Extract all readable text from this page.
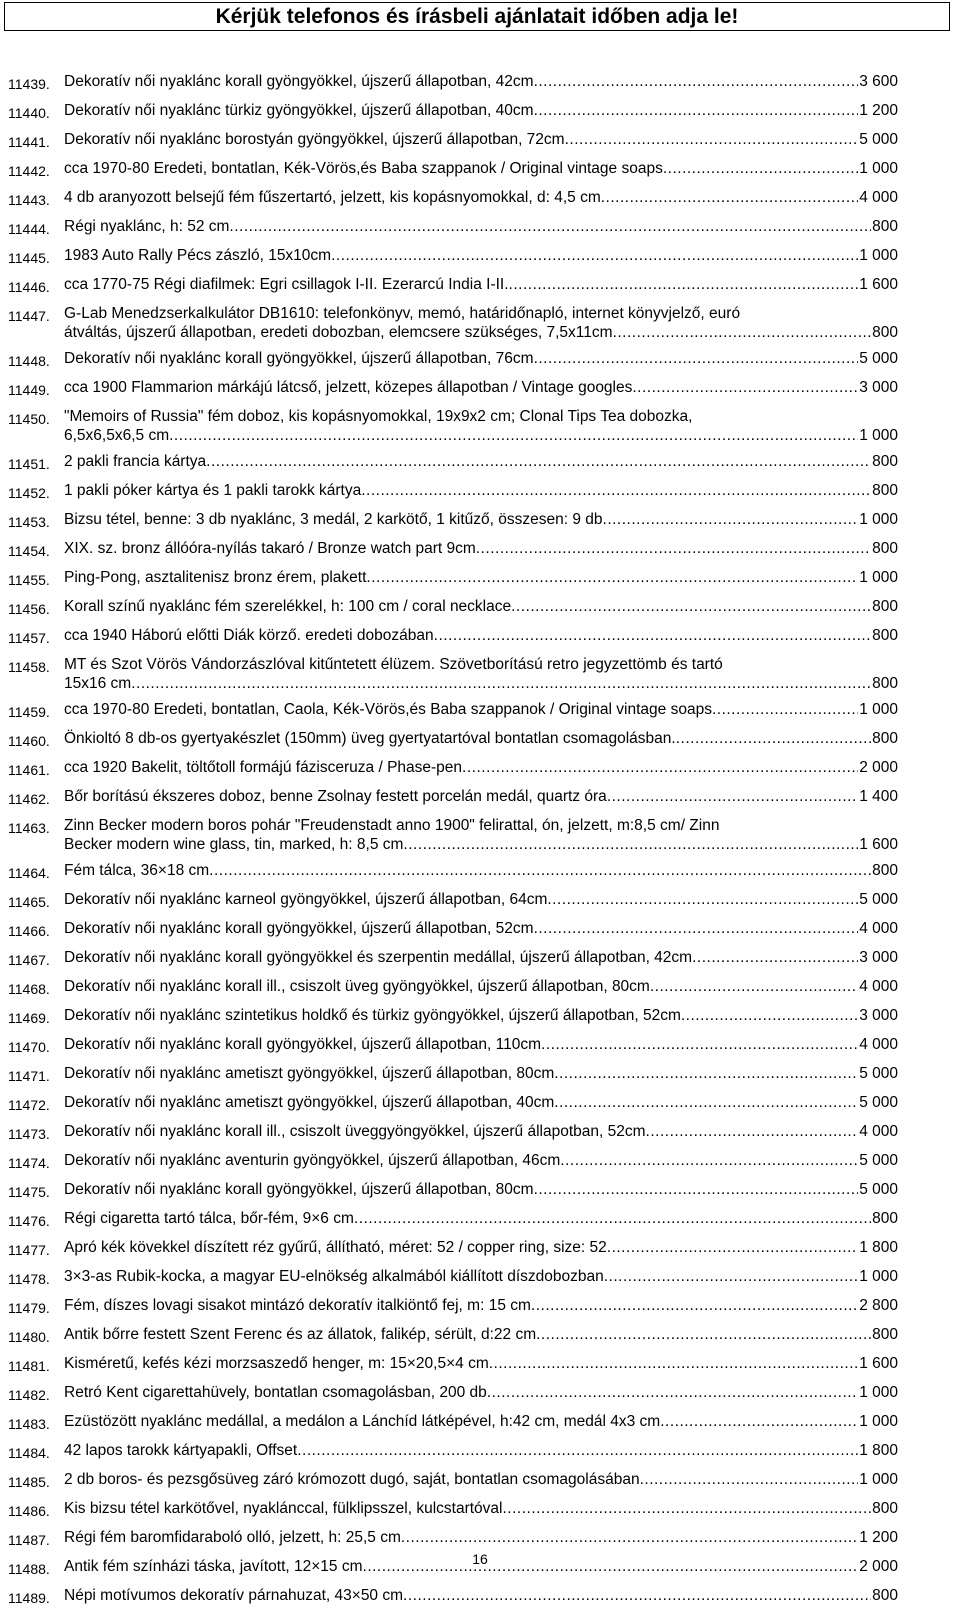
Kérjük telefonos és írásbeli ajánlatait időben adja le!
11439. Dekoratív női nyaklánc korall gyöngyökkel, újszerű állapotban, 42cm .....	3 600
11440. Dekoratív női nyaklánc türkiz gyöngyökkel, újszerű állapotban, 40cm .....	1 200
11441. Dekoratív női nyaklánc borostyán gyöngyökkel, újszerű állapotban, 72cm .....	5 000
11442. cca 1970-80 Eredeti, bontatlan, Kék-Vörös,és Baba szappanok / Original vintage soaps .....	1 000
11443. 4 db aranyozott belsejű fém fűszertartó, jelzett, kis kopásnyomokkal, d: 4,5 cm .....	4 000
11444. Régi nyaklánc, h: 52 cm .....	800
11445. 1983 Auto Rally Pécs zászló, 15x10cm .....	1 000
11446. cca 1770-75 Régi diafilmek: Egri csillagok I-II. Ezerarcú India I-II. .....	1 600
11447. G-Lab Menedzserkalkulátor DB1610: telefonkönyv, memó, határidőnapló, internet könyvjelző, euró
átváltás, újszerű állapotban, eredeti dobozban, elemcsere szükséges, 7,5x11cm .....	800
11448. Dekoratív női nyaklánc korall gyöngyökkel, újszerű állapotban, 76cm .....	5 000
11449. cca 1900 Flammarion márkájú látcső, jelzett, közepes állapotban / Vintage googles .....	3 000
11450. "Memoirs of Russia" fém doboz, kis kopásnyomokkal, 19x9x2 cm; Clonal Tips Tea dobozka,
6,5x6,5x6,5 cm .....	1 000
11451. 2 pakli francia kártya .....	800
11452. 1 pakli póker kártya és 1 pakli tarokk kártya .....	800
11453. Bizsu tétel, benne: 3 db nyaklánc, 3 medál, 2 karkötő, 1 kitűző, összesen: 9 db .....	1 000
11454. XIX. sz. bronz állóóra-nyílás takaró / Bronze watch part 9cm .....	800
11455. Ping-Pong, asztalitenisz bronz érem, plakett .....	1 000
11456. Korall színű nyaklánc fém szerelékkel, h: 100 cm / coral necklace .....	800
11457. cca 1940 Háború előtti Diák körző. eredeti dobozában .....	800
11458. MT és Szot Vörös Vándorzászlóval kitűntetett élüzem. Szövetborítású retro jegyzettömb és tartó
15x16 cm .....	800
11459. cca 1970-80 Eredeti, bontatlan, Caola, Kék-Vörös,és Baba szappanok / Original vintage soaps .....	1 000
11460. Önkioltó 8 db-os gyertyakészlet (150mm) üveg gyertyatartóval bontatlan csomagolásban. .....	800
11461. cca 1920 Bakelit, töltőtoll formájú fázisceruza / Phase-pen .....	2 000
11462. Bőr borítású ékszeres doboz, benne Zsolnay festett porcelán medál, quartz óra .....	1 400
11463. Zinn Becker modern boros pohár "Freudenstadt anno 1900" felirattal, ón, jelzett, m:8,5 cm/ Zinn
Becker modern wine glass, tin, marked, h: 8,5 cm .....	1 600
11464. Fém tálca, 36×18 cm .....	800
11465. Dekoratív női nyaklánc karneol gyöngyökkel, újszerű állapotban, 64cm .....	5 000
11466. Dekoratív női nyaklánc korall gyöngyökkel, újszerű állapotban, 52cm .....	4 000
11467. Dekoratív női nyaklánc korall gyöngyökkel és szerpentin medállal, újszerű állapotban, 42cm .....	3 000
11468. Dekoratív női nyaklánc korall ill., csiszolt üveg gyöngyökkel, újszerű állapotban, 80cm .....	4 000
11469. Dekoratív női nyaklánc szintetikus holdkő és türkiz gyöngyökkel, újszerű állapotban, 52cm .....	3 000
11470. Dekoratív női nyaklánc korall gyöngyökkel, újszerű állapotban, 110cm .....	4 000
11471. Dekoratív női nyaklánc ametiszt gyöngyökkel, újszerű állapotban, 80cm .....	5 000
11472. Dekoratív női nyaklánc ametiszt gyöngyökkel, újszerű állapotban, 40cm .....	5 000
11473. Dekoratív női nyaklánc korall ill., csiszolt üveggyöngyökkel, újszerű állapotban, 52cm .....	4 000
11474. Dekoratív női nyaklánc aventurin gyöngyökkel, újszerű állapotban, 46cm .....	5 000
11475. Dekoratív női nyaklánc korall gyöngyökkel, újszerű állapotban, 80cm .....	5 000
11476. Régi cigaretta tartó tálca, bőr-fém, 9×6 cm .....	800
11477. Apró kék kövekkel díszített réz gyűrű, állítható, méret: 52 / copper ring, size: 52 .....	1 800
11478. 3×3-as Rubik-kocka, a magyar EU-elnökség alkalmából kiállított díszdobozban .....	1 000
11479. Fém, díszes lovagi sisakot mintázó dekoratív italkiöntő fej, m: 15 cm .....	2 800
11480. Antik bőrre festett Szent Ferenc és az állatok, falikép, sérült, d:22 cm .....	800
11481. Kisméretű, kefés kézi morzsaszedő henger, m: 15×20,5×4 cm .....	1 600
11482. Retró Kent cigarettahüvely, bontatlan csomagolásban, 200 db .....	1 000
11483. Ezüstözött nyaklánc medállal, a medálon a Lánchíd látképével, h:42 cm, medál 4x3 cm .....	1 000
11484. 42 lapos tarokk kártyapakli, Offset .....	1 800
11485. 2 db boros- és pezsgősüveg záró krómozott dugó, saját, bontatlan csomagolásában .....	1 000
11486. Kis bizsu tétel karkötővel, nyaklánccal, fülklipsszel, kulcstartóval .....	800
11487. Régi fém baromfidaraboló olló, jelzett, h: 25,5 cm .....	1 200
11488. Antik fém színházi táska, javított, 12×15 cm .....	2 000
11489. Népi motívumos dekoratív párnahuzat, 43×50 cm .....	800
16
